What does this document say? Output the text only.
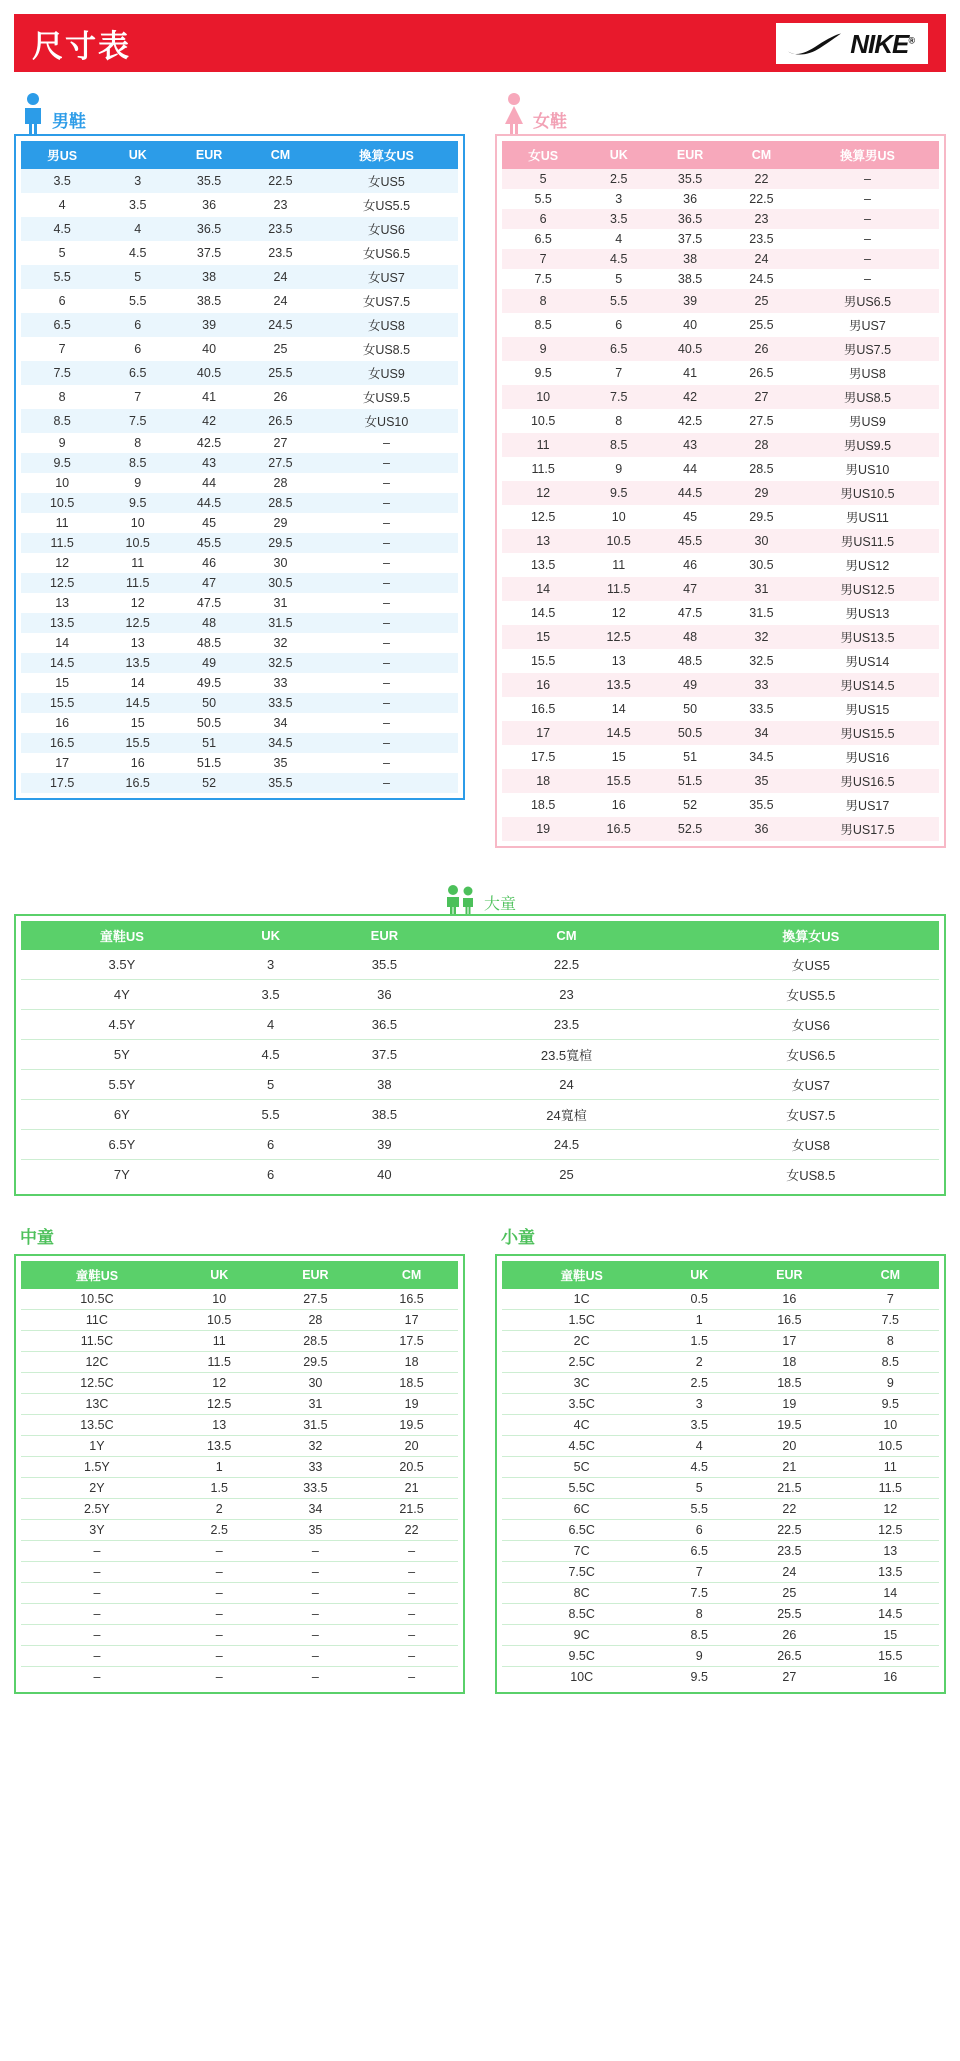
尺寸表	NIKE®
男鞋
男US	UK	EUR	CM	換算女US
3.5	3	35.5	22.5	女US5
4	3.5	36	23	女US5.5
4.5	4	36.5	23.5	女US6
5	4.5	37.5	23.5	女US6.5
5.5	5	38	24	女US7
6	5.5	38.5	24	女US7.5
6.5	6	39	24.5	女US8
7	6	40	25	女US8.5
7.5	6.5	40.5	25.5	女US9
8	7	41	26	女US9.5
8.5	7.5	42	26.5	女US10
9	8	42.5	27	–
9.5	8.5	43	27.5	–
10	9	44	28	–
10.5	9.5	44.5	28.5	–
11	10	45	29	–
11.5	10.5	45.5	29.5	–
12	11	46	30	–
12.5	11.5	47	30.5	–
13	12	47.5	31	–
13.5	12.5	48	31.5	–
14	13	48.5	32	–
14.5	13.5	49	32.5	–
15	14	49.5	33	–
15.5	14.5	50	33.5	–
16	15	50.5	34	–
16.5	15.5	51	34.5	–
17	16	51.5	35	–
17.5	16.5	52	35.5	–
女鞋
女US	UK	EUR	CM	換算男US
5	2.5	35.5	22	–
5.5	3	36	22.5	–
6	3.5	36.5	23	–
6.5	4	37.5	23.5	–
7	4.5	38	24	–
7.5	5	38.5	24.5	–
8	5.5	39	25	男US6.5
8.5	6	40	25.5	男US7
9	6.5	40.5	26	男US7.5
9.5	7	41	26.5	男US8
10	7.5	42	27	男US8.5
10.5	8	42.5	27.5	男US9
11	8.5	43	28	男US9.5
11.5	9	44	28.5	男US10
12	9.5	44.5	29	男US10.5
12.5	10	45	29.5	男US11
13	10.5	45.5	30	男US11.5
13.5	11	46	30.5	男US12
14	11.5	47	31	男US12.5
14.5	12	47.5	31.5	男US13
15	12.5	48	32	男US13.5
15.5	13	48.5	32.5	男US14
16	13.5	49	33	男US14.5
16.5	14	50	33.5	男US15
17	14.5	50.5	34	男US15.5
17.5	15	51	34.5	男US16
18	15.5	51.5	35	男US16.5
18.5	16	52	35.5	男US17
19	16.5	52.5	36	男US17.5
大童
童鞋US	UK	EUR	CM	換算女US
3.5Y	3	35.5	22.5	女US5
4Y	3.5	36	23	女US5.5
4.5Y	4	36.5	23.5	女US6
5Y	4.5	37.5	23.5寬楦	女US6.5
5.5Y	5	38	24	女US7
6Y	5.5	38.5	24寬楦	女US7.5
6.5Y	6	39	24.5	女US8
7Y	6	40	25	女US8.5
中童
童鞋US	UK	EUR	CM
10.5C	10	27.5	16.5
11C	10.5	28	17
11.5C	11	28.5	17.5
12C	11.5	29.5	18
12.5C	12	30	18.5
13C	12.5	31	19
13.5C	13	31.5	19.5
1Y	13.5	32	20
1.5Y	1	33	20.5
2Y	1.5	33.5	21
2.5Y	2	34	21.5
3Y	2.5	35	22
–	–	–	–
–	–	–	–
–	–	–	–
–	–	–	–
–	–	–	–
–	–	–	–
–	–	–	–
小童
童鞋US	UK	EUR	CM
1C	0.5	16	7
1.5C	1	16.5	7.5
2C	1.5	17	8
2.5C	2	18	8.5
3C	2.5	18.5	9
3.5C	3	19	9.5
4C	3.5	19.5	10
4.5C	4	20	10.5
5C	4.5	21	11
5.5C	5	21.5	11.5
6C	5.5	22	12
6.5C	6	22.5	12.5
7C	6.5	23.5	13
7.5C	7	24	13.5
8C	7.5	25	14
8.5C	8	25.5	14.5
9C	8.5	26	15
9.5C	9	26.5	15.5
10C	9.5	27	16
